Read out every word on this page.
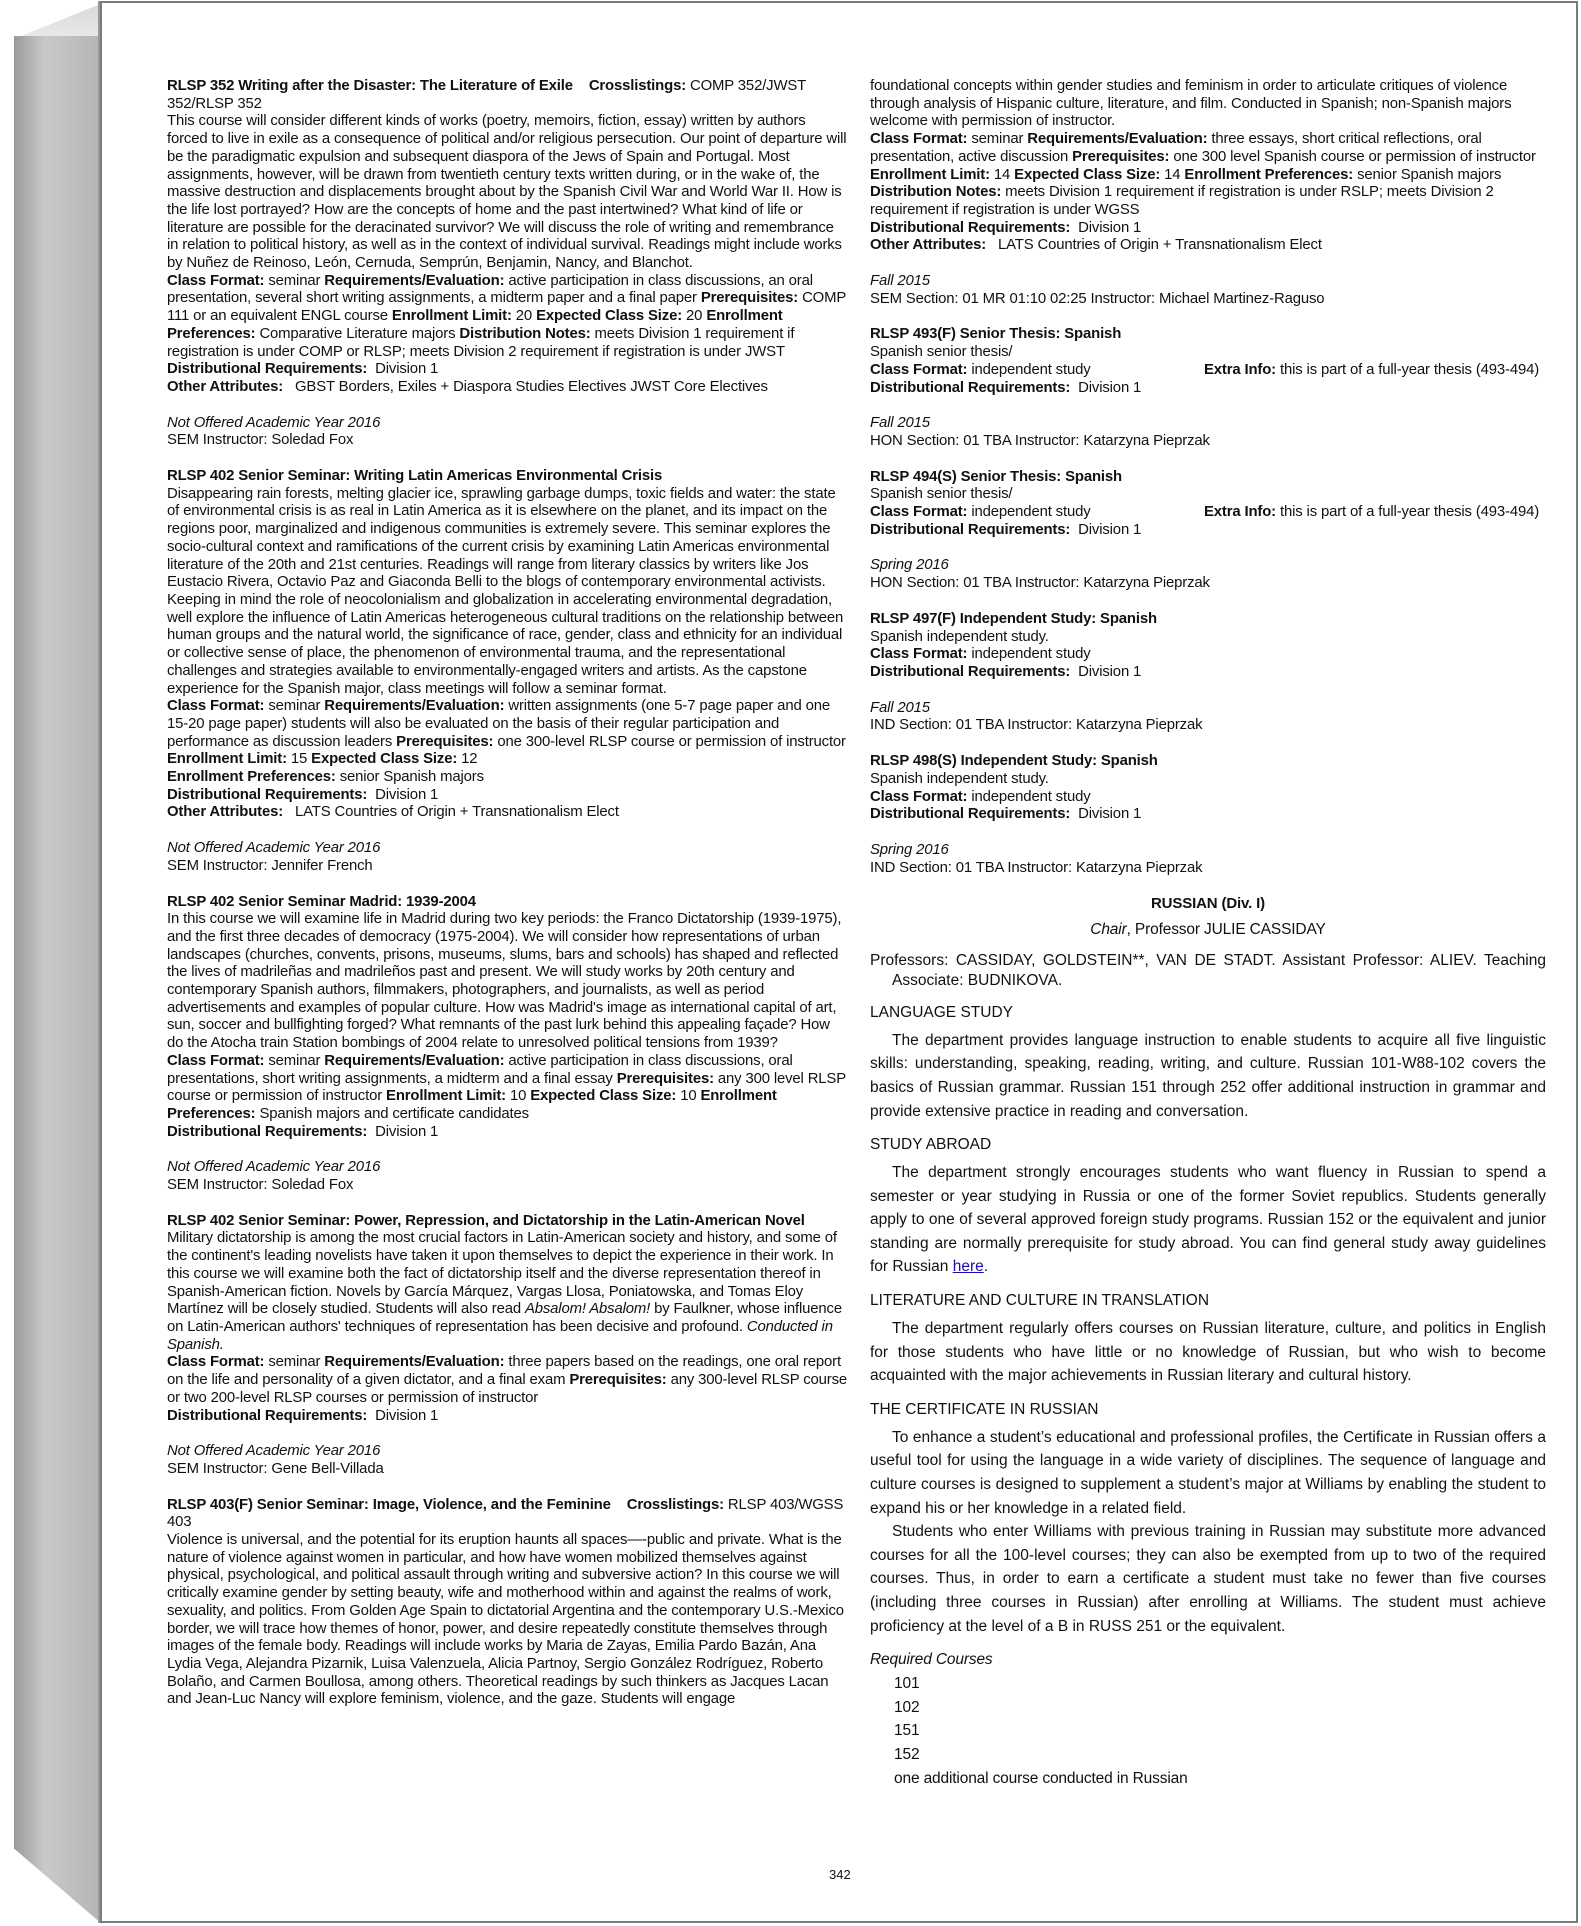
RLSP 352 Writing after the Disaster: The Literature of Exile Crosslistings: COMP 352/JWST 352/RLSP 352
This course will consider different kinds of works (poetry, memoirs, fiction, essay) written by authors forced to live in exile as a consequence of political and/or religious persecution. Our point of departure will be the paradigmatic expulsion and subsequent diaspora of the Jews of Spain and Portugal. Most assignments, however, will be drawn from twentieth century texts written during, or in the wake of, the massive destruction and displacements brought about by the Spanish Civil War and World War II. How is the life lost portrayed? How are the concepts of home and the past intertwined? What kind of life or literature are possible for the deracinated survivor? We will discuss the role of writing and remembrance in relation to political history, as well as in the context of individual survival. Readings might include works by Nuñez de Reinoso, León, Cernuda, Semprún, Benjamin, Nancy, and Blanchot.
Class Format: seminar Requirements/Evaluation: active participation in class discussions, an oral presentation, several short writing assignments, a midterm paper and a final paper Prerequisites: COMP 111 or an equivalent ENGL course Enrollment Limit: 20 Expected Class Size: 20 Enrollment Preferences: Comparative Literature majors Distribution Notes: meets Division 1 requirement if registration is under COMP or RLSP; meets Division 2 requirement if registration is under JWST
Distributional Requirements: Division 1
Other Attributes: GBST Borders, Exiles + Diaspora Studies Electives JWST Core Electives
Not Offered Academic Year 2016
SEM Instructor: Soledad Fox
RLSP 402 Senior Seminar: Writing Latin Americas Environmental Crisis
Disappearing rain forests, melting glacier ice, sprawling garbage dumps, toxic fields and water: the state of environmental crisis is as real in Latin America as it is elsewhere on the planet, and its impact on the regions poor, marginalized and indigenous communities is extremely severe. This seminar explores the socio-cultural context and ramifications of the current crisis by examining Latin Americas environmental literature of the 20th and 21st centuries. Readings will range from literary classics by writers like Jos Eustacio Rivera, Octavio Paz and Giaconda Belli to the blogs of contemporary environmental activists. Keeping in mind the role of neocolonialism and globalization in accelerating environmental degradation, well explore the influence of Latin Americas heterogeneous cultural traditions on the relationship between human groups and the natural world, the significance of race, gender, class and ethnicity for an individual or collective sense of place, the phenomenon of environmental trauma, and the representational challenges and strategies available to environmentally-engaged writers and artists. As the capstone experience for the Spanish major, class meetings will follow a seminar format.
Class Format: seminar Requirements/Evaluation: written assignments (one 5-7 page paper and one 15-20 page paper) students will also be evaluated on the basis of their regular participation and performance as discussion leaders Prerequisites: one 300-level RLSP course or permission of instructor Enrollment Limit: 15 Expected Class Size: 12
Enrollment Preferences: senior Spanish majors
Distributional Requirements: Division 1
Other Attributes: LATS Countries of Origin + Transnationalism Elect
Not Offered Academic Year 2016
SEM Instructor: Jennifer French
RLSP 402 Senior Seminar Madrid: 1939-2004
In this course we will examine life in Madrid during two key periods: the Franco Dictatorship (1939-1975), and the first three decades of democracy (1975-2004). We will consider how representations of urban landscapes (churches, convents, prisons, museums, slums, bars and schools) has shaped and reflected the lives of madrileñas and madrileños past and present. We will study works by 20th century and contemporary Spanish authors, filmmakers, photographers, and journalists, as well as period advertisements and examples of popular culture. How was Madrid's image as international capital of art, sun, soccer and bullfighting forged? What remnants of the past lurk behind this appealing façade? How do the Atocha train Station bombings of 2004 relate to unresolved political tensions from 1939?
Class Format: seminar Requirements/Evaluation: active participation in class discussions, oral presentations, short writing assignments, a midterm and a final essay Prerequisites: any 300 level RLSP course or permission of instructor Enrollment Limit: 10 Expected Class Size: 10 Enrollment Preferences: Spanish majors and certificate candidates
Distributional Requirements: Division 1
Not Offered Academic Year 2016
SEM Instructor: Soledad Fox
RLSP 402 Senior Seminar: Power, Repression, and Dictatorship in the Latin-American Novel
Military dictatorship is among the most crucial factors in Latin-American society and history, and some of the continent's leading novelists have taken it upon themselves to depict the experience in their work. In this course we will examine both the fact of dictatorship itself and the diverse representation thereof in Spanish-American fiction. Novels by García Márquez, Vargas Llosa, Poniatowska, and Tomas Eloy Martínez will be closely studied. Students will also read Absalom! Absalom! by Faulkner, whose influence on Latin-American authors' techniques of representation has been decisive and profound. Conducted in Spanish.
Class Format: seminar Requirements/Evaluation: three papers based on the readings, one oral report on the life and personality of a given dictator, and a final exam Prerequisites: any 300-level RLSP course or two 200-level RLSP courses or permission of instructor
Distributional Requirements: Division 1
Not Offered Academic Year 2016
SEM Instructor: Gene Bell-Villada
RLSP 403(F) Senior Seminar: Image, Violence, and the Feminine Crosslistings: RLSP 403/WGSS 403
Violence is universal, and the potential for its eruption haunts all spaces—-public and private. What is the nature of violence against women in particular, and how have women mobilized themselves against physical, psychological, and political assault through writing and subversive action? In this course we will critically examine gender by setting beauty, wife and motherhood within and against the realms of work, sexuality, and politics. From Golden Age Spain to dictatorial Argentina and the contemporary U.S.-Mexico border, we will trace how themes of honor, power, and desire repeatedly constitute themselves through images of the female body. Readings will include works by Maria de Zayas, Emilia Pardo Bazán, Ana Lydia Vega, Alejandra Pizarnik, Luisa Valenzuela, Alicia Partnoy, Sergio González Rodríguez, Roberto Bolaño, and Carmen Boullosa, among others. Theoretical readings by such thinkers as Jacques Lacan and Jean-Luc Nancy will explore feminism, violence, and the gaze. Students will engage
foundational concepts within gender studies and feminism in order to articulate critiques of violence through analysis of Hispanic culture, literature, and film. Conducted in Spanish; non-Spanish majors welcome with permission of instructor.
Class Format: seminar Requirements/Evaluation: three essays, short critical reflections, oral presentation, active discussion Prerequisites: one 300 level Spanish course or permission of instructor Enrollment Limit: 14 Expected Class Size: 14 Enrollment Preferences: senior Spanish majors Distribution Notes: meets Division 1 requirement if registration is under RSLP; meets Division 2 requirement if registration is under WGSS
Distributional Requirements: Division 1
Other Attributes: LATS Countries of Origin + Transnationalism Elect
Fall 2015
SEM Section: 01 MR 01:10 02:25 Instructor: Michael Martinez-Raguso
RLSP 493(F) Senior Thesis: Spanish
Spanish senior thesis/
Class Format: independent study	Extra Info: this is part of a full-year thesis (493-494)
Distributional Requirements: Division 1
Fall 2015
HON Section: 01 TBA Instructor: Katarzyna Pieprzak
RLSP 494(S) Senior Thesis: Spanish
Spanish senior thesis/
Class Format: independent study	Extra Info: this is part of a full-year thesis (493-494)
Distributional Requirements: Division 1
Spring 2016
HON Section: 01 TBA Instructor: Katarzyna Pieprzak
RLSP 497(F) Independent Study: Spanish
Spanish independent study.
Class Format: independent study
Distributional Requirements: Division 1
Fall 2015
IND Section: 01 TBA Instructor: Katarzyna Pieprzak
RLSP 498(S) Independent Study: Spanish
Spanish independent study.
Class Format: independent study
Distributional Requirements: Division 1
Spring 2016
IND Section: 01 TBA Instructor: Katarzyna Pieprzak
RUSSIAN (Div. I)
Chair, Professor JULIE CASSIDAY
Professors: CASSIDAY, GOLDSTEIN**, VAN DE STADT. Assistant Professor: ALIEV. Teaching Associate: BUDNIKOVA.
LANGUAGE STUDY
The department provides language instruction to enable students to acquire all five linguistic skills: understanding, speaking, reading, writing, and culture. Russian 101-W88-102 covers the basics of Russian grammar. Russian 151 through 252 offer additional instruction in grammar and provide extensive practice in reading and conversation.
STUDY ABROAD
The department strongly encourages students who want fluency in Russian to spend a semester or year studying in Russia or one of the former Soviet republics. Students generally apply to one of several approved foreign study programs. Russian 152 or the equivalent and junior standing are normally prerequisite for study abroad. You can find general study away guidelines for Russian here.
LITERATURE AND CULTURE IN TRANSLATION
The department regularly offers courses on Russian literature, culture, and politics in English for those students who have little or no knowledge of Russian, but who wish to become acquainted with the major achievements in Russian literary and cultural history.
THE CERTIFICATE IN RUSSIAN
To enhance a student’s educational and professional profiles, the Certificate in Russian offers a useful tool for using the language in a wide variety of disciplines. The sequence of language and culture courses is designed to supplement a student’s major at Williams by enabling the student to expand his or her knowledge in a related field.
Students who enter Williams with previous training in Russian may substitute more advanced courses for all the 100-level courses; they can also be exempted from up to two of the required courses. Thus, in order to earn a certificate a student must take no fewer than five courses (including three courses in Russian) after enrolling at Williams. The student must achieve proficiency at the level of a B in RUSS 251 or the equivalent.
Required Courses
101
102
151
152
one additional course conducted in Russian
342
